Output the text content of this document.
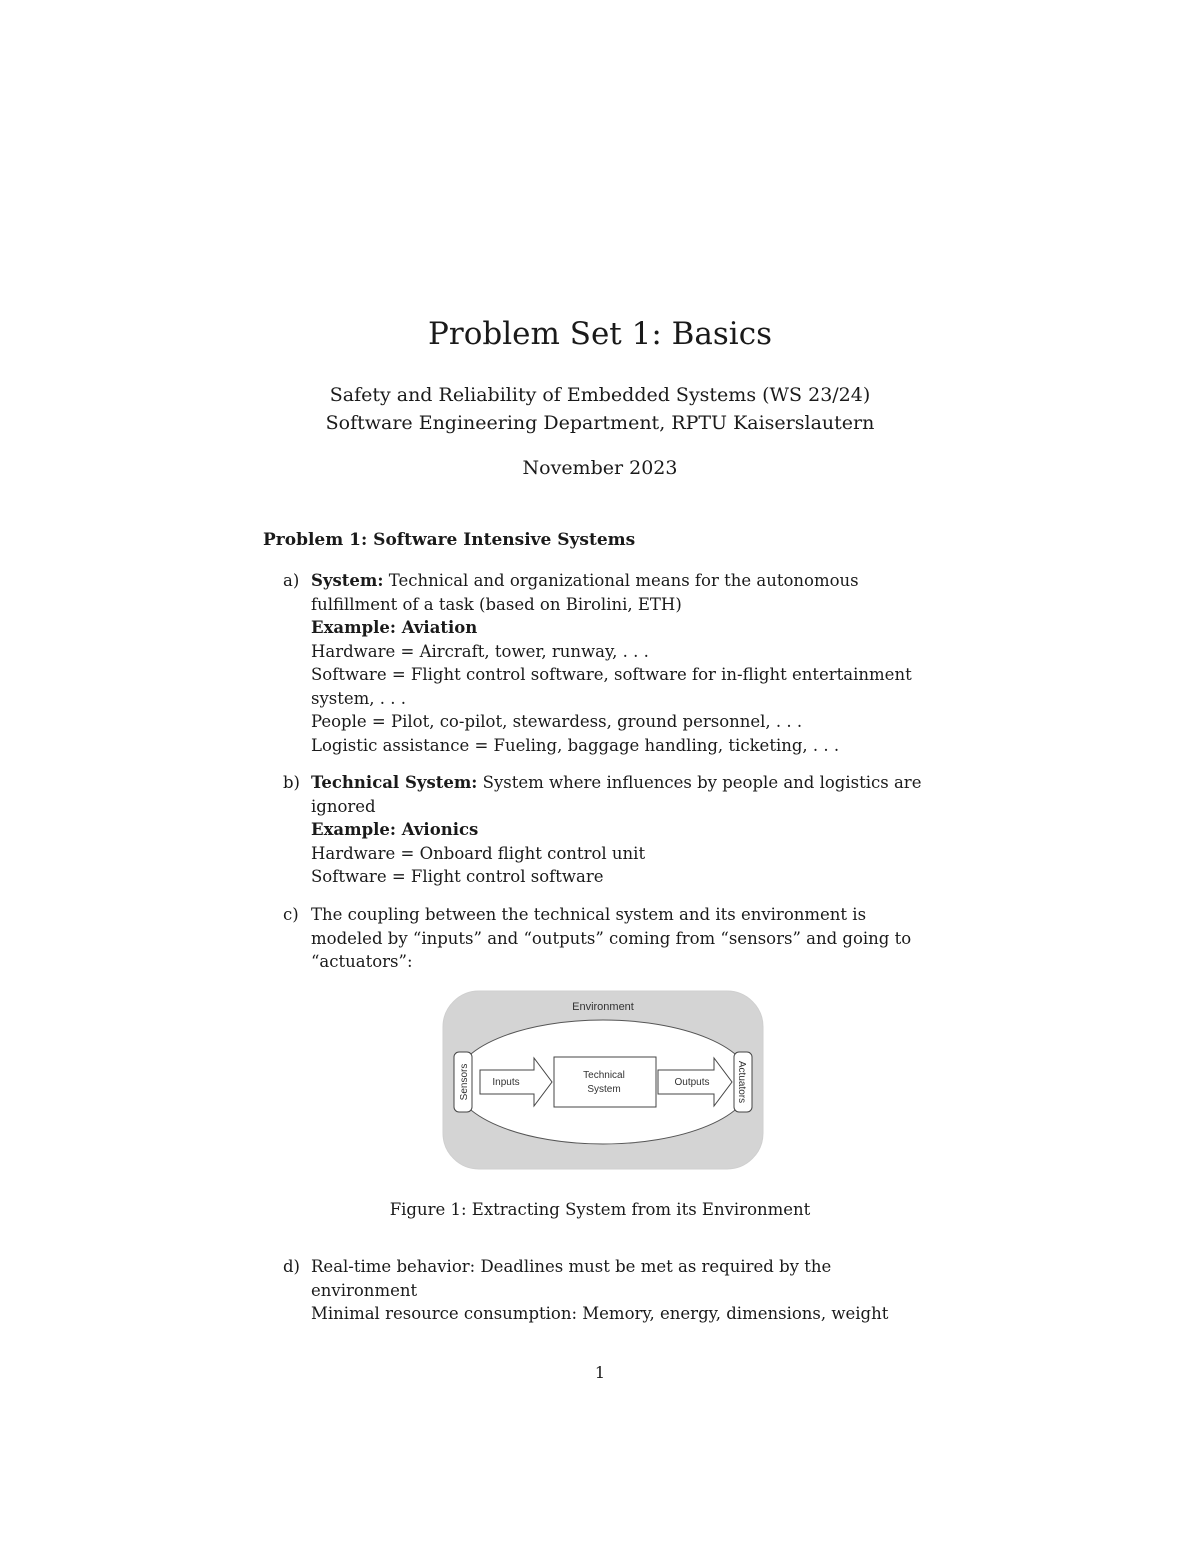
Problem Set 1: Basics
Safety and Reliability of Embedded Systems (WS 23/24)
Software Engineering Department, RPTU Kaiserslautern
November 2023
Problem 1: Software Intensive Systems
a) System: Technical and organizational means for the autonomous
fulfillment of a task (based on Birolini, ETH)
Example: Aviation
Hardware = Aircraft, tower, runway, . . .
Software = Flight control software, software for in-flight entertainment
system, . . .
People = Pilot, co-pilot, stewardess, ground personnel, . . .
Logistic assistance = Fueling, baggage handling, ticketing, . . .
b) Technical System: System where influences by people and logistics are
ignored
Example: Avionics
Hardware = Onboard flight control unit
Software = Flight control software
c) The coupling between the technical system and its environment is
modeled by “inputs” and “outputs” coming from “sensors” and going to
“actuators”:
Environment
Sensors Inputs
Technical
System
Outputs	Actuators
Figure 1: Extracting System from its Environment
d) Real-time behavior: Deadlines must be met as required by the
environment
Minimal resource consumption: Memory, energy, dimensions, weight
1
